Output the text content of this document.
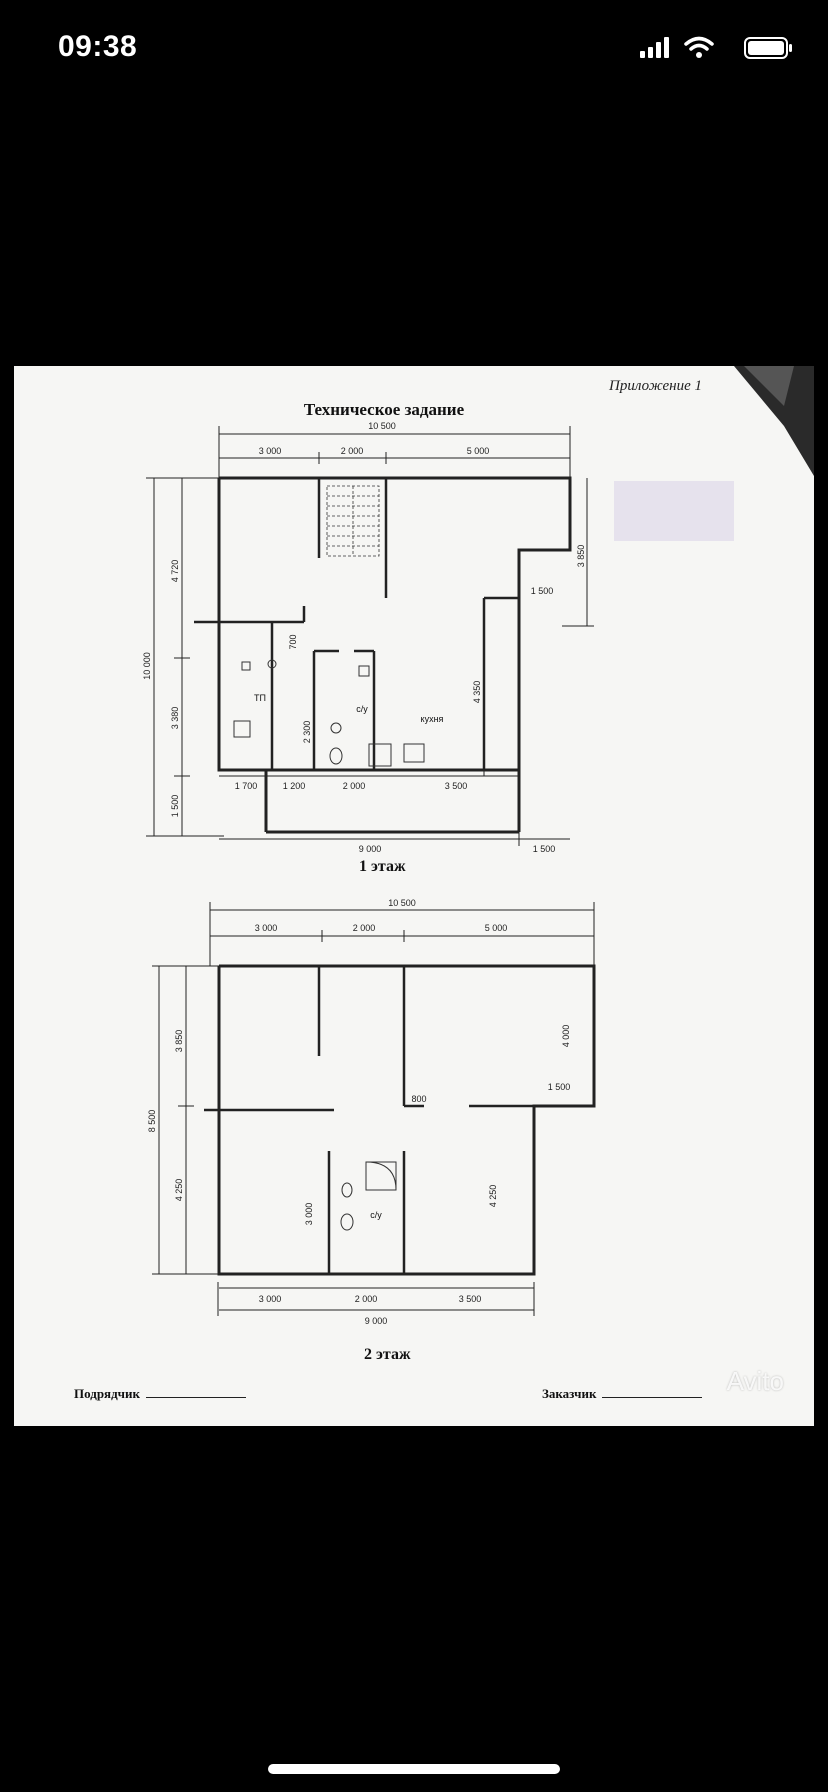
09:38
10 500
3 000	2 000	5 000
10 000
4 720
3 380
1 500
3 850
4 350
1 500
700
2 300
1 700	1 200	2 000	3 500
9 000	1 500
ТП
с/у
кухня
10 500
3 000	2 000	5 000
8 500
3 850
4 250
4 000
4 250
800
1 500
3 000
3 000	2 000	3 500
9 000
с/у
Приложение 1
Техническое задание
1 этаж
2 этаж
Подрядчик	Заказчик	Avito
